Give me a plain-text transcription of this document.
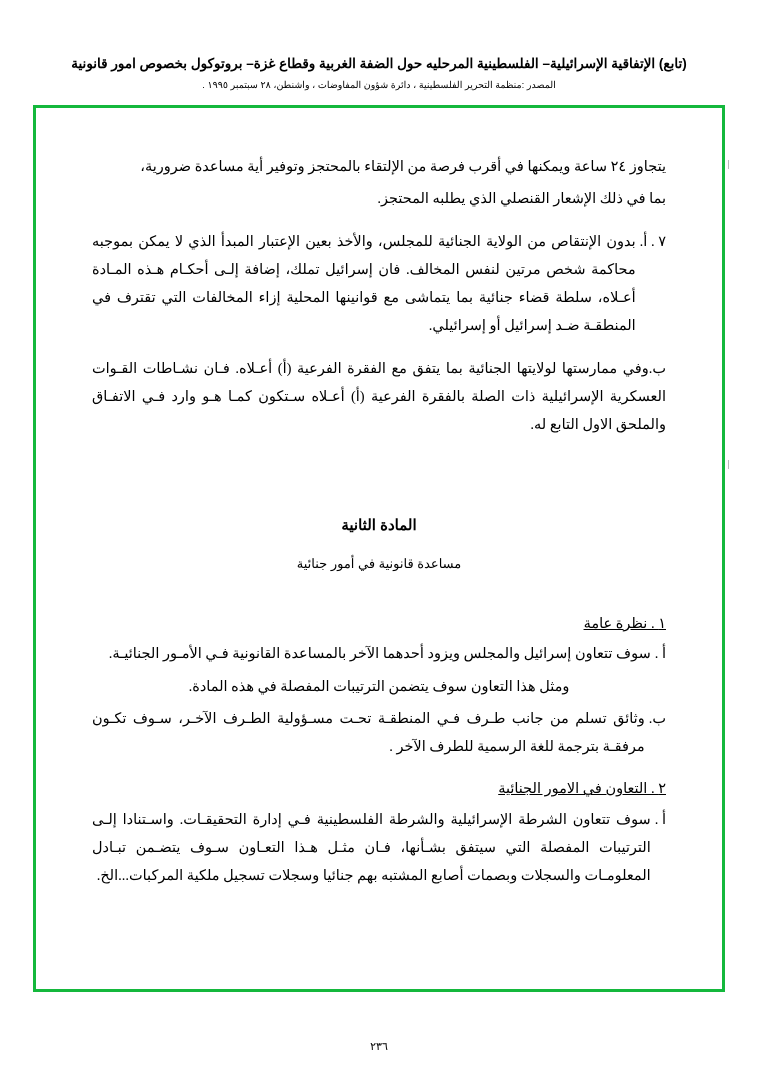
(تابع) الإتفاقية الإسرائيلية– الفلسطينية المرحليه حول الضفة الغربية وقطاع غزة– بروتوكول بخصوص امور قانونية
المصدر :منظمة التحرير الفلسطينية ، دائرة شؤون المفاوضات ، واشنطن، ٢٨ سبتمبر ١٩٩٥ .
يتجاوز ٢٤ ساعة ويمكنها في أقرب فرصة من الإلتقاء بالمحتجز وتوفير أية مساعدة ضرورية،
بما في ذلك الإشعار القنصلي الذي يطلبه المحتجز.
٧ . أ.
بدون الإنتقاص من الولاية الجنائية للمجلس، والأخذ بعين الإعتبار المبدأ الذي لا يمكن بموجبه محاكمة شخص مرتين لنفس المخالف. فان إسرائيل تملك، إضافة إلـى أحكـام هـذه المـادة أعـلاه، سلطة قضاء جنائية بما يتماشى مع قوانينها المحلية إزاء المخالفات التي تقترف في المنطقـة ضـد إسرائيل أو إسرائيلي.
ب.وفي ممارستها لولايتها الجنائية بما يتفق مع الفقرة الفرعية (أ) أعـلاه. فـان نشـاطات القـوات العسكرية الإسرائيلية ذات الصلة بالفقرة الفرعية (أ) أعـلاه سـتكون كمـا هـو وارد فـي الاتفـاق والملحق الاول التابع له.
المادة الثانية
مساعدة قانونية في أمور جنائية
١ . نظرة عامة
أ .
سوف تتعاون إسرائيل والمجلس ويزود أحدهما الآخر بالمساعدة القانونية فـي الأمـور الجنائيـة.
ومثل هذا التعاون سوف يتضمن الترتيبات المفصلة في هذه المادة.
ب.
وثائق تسلم من جانب طـرف فـي المنطقـة تحـت مسـؤولية الطـرف الآخـر، سـوف تكـون مرفقـة بترجمة للغة الرسمية للطرف الآخر .
٢ . التعاون في الامور الجنائية
أ .
سوف تتعاون الشرطة الإسرائيلية والشرطة الفلسطينية فـي إدارة التحقيقـات. واسـتنادا إلـى الترتيبات المفصلة التي سيتفق بشـأنها، فـان مثـل هـذا التعـاون سـوف يتضـمن تبـادل المعلومـات والسجلات وبصمات أصابع المشتبه بهم جنائيا وسجلات تسجيل ملكية المركبات...الخ.
٢٣٦
